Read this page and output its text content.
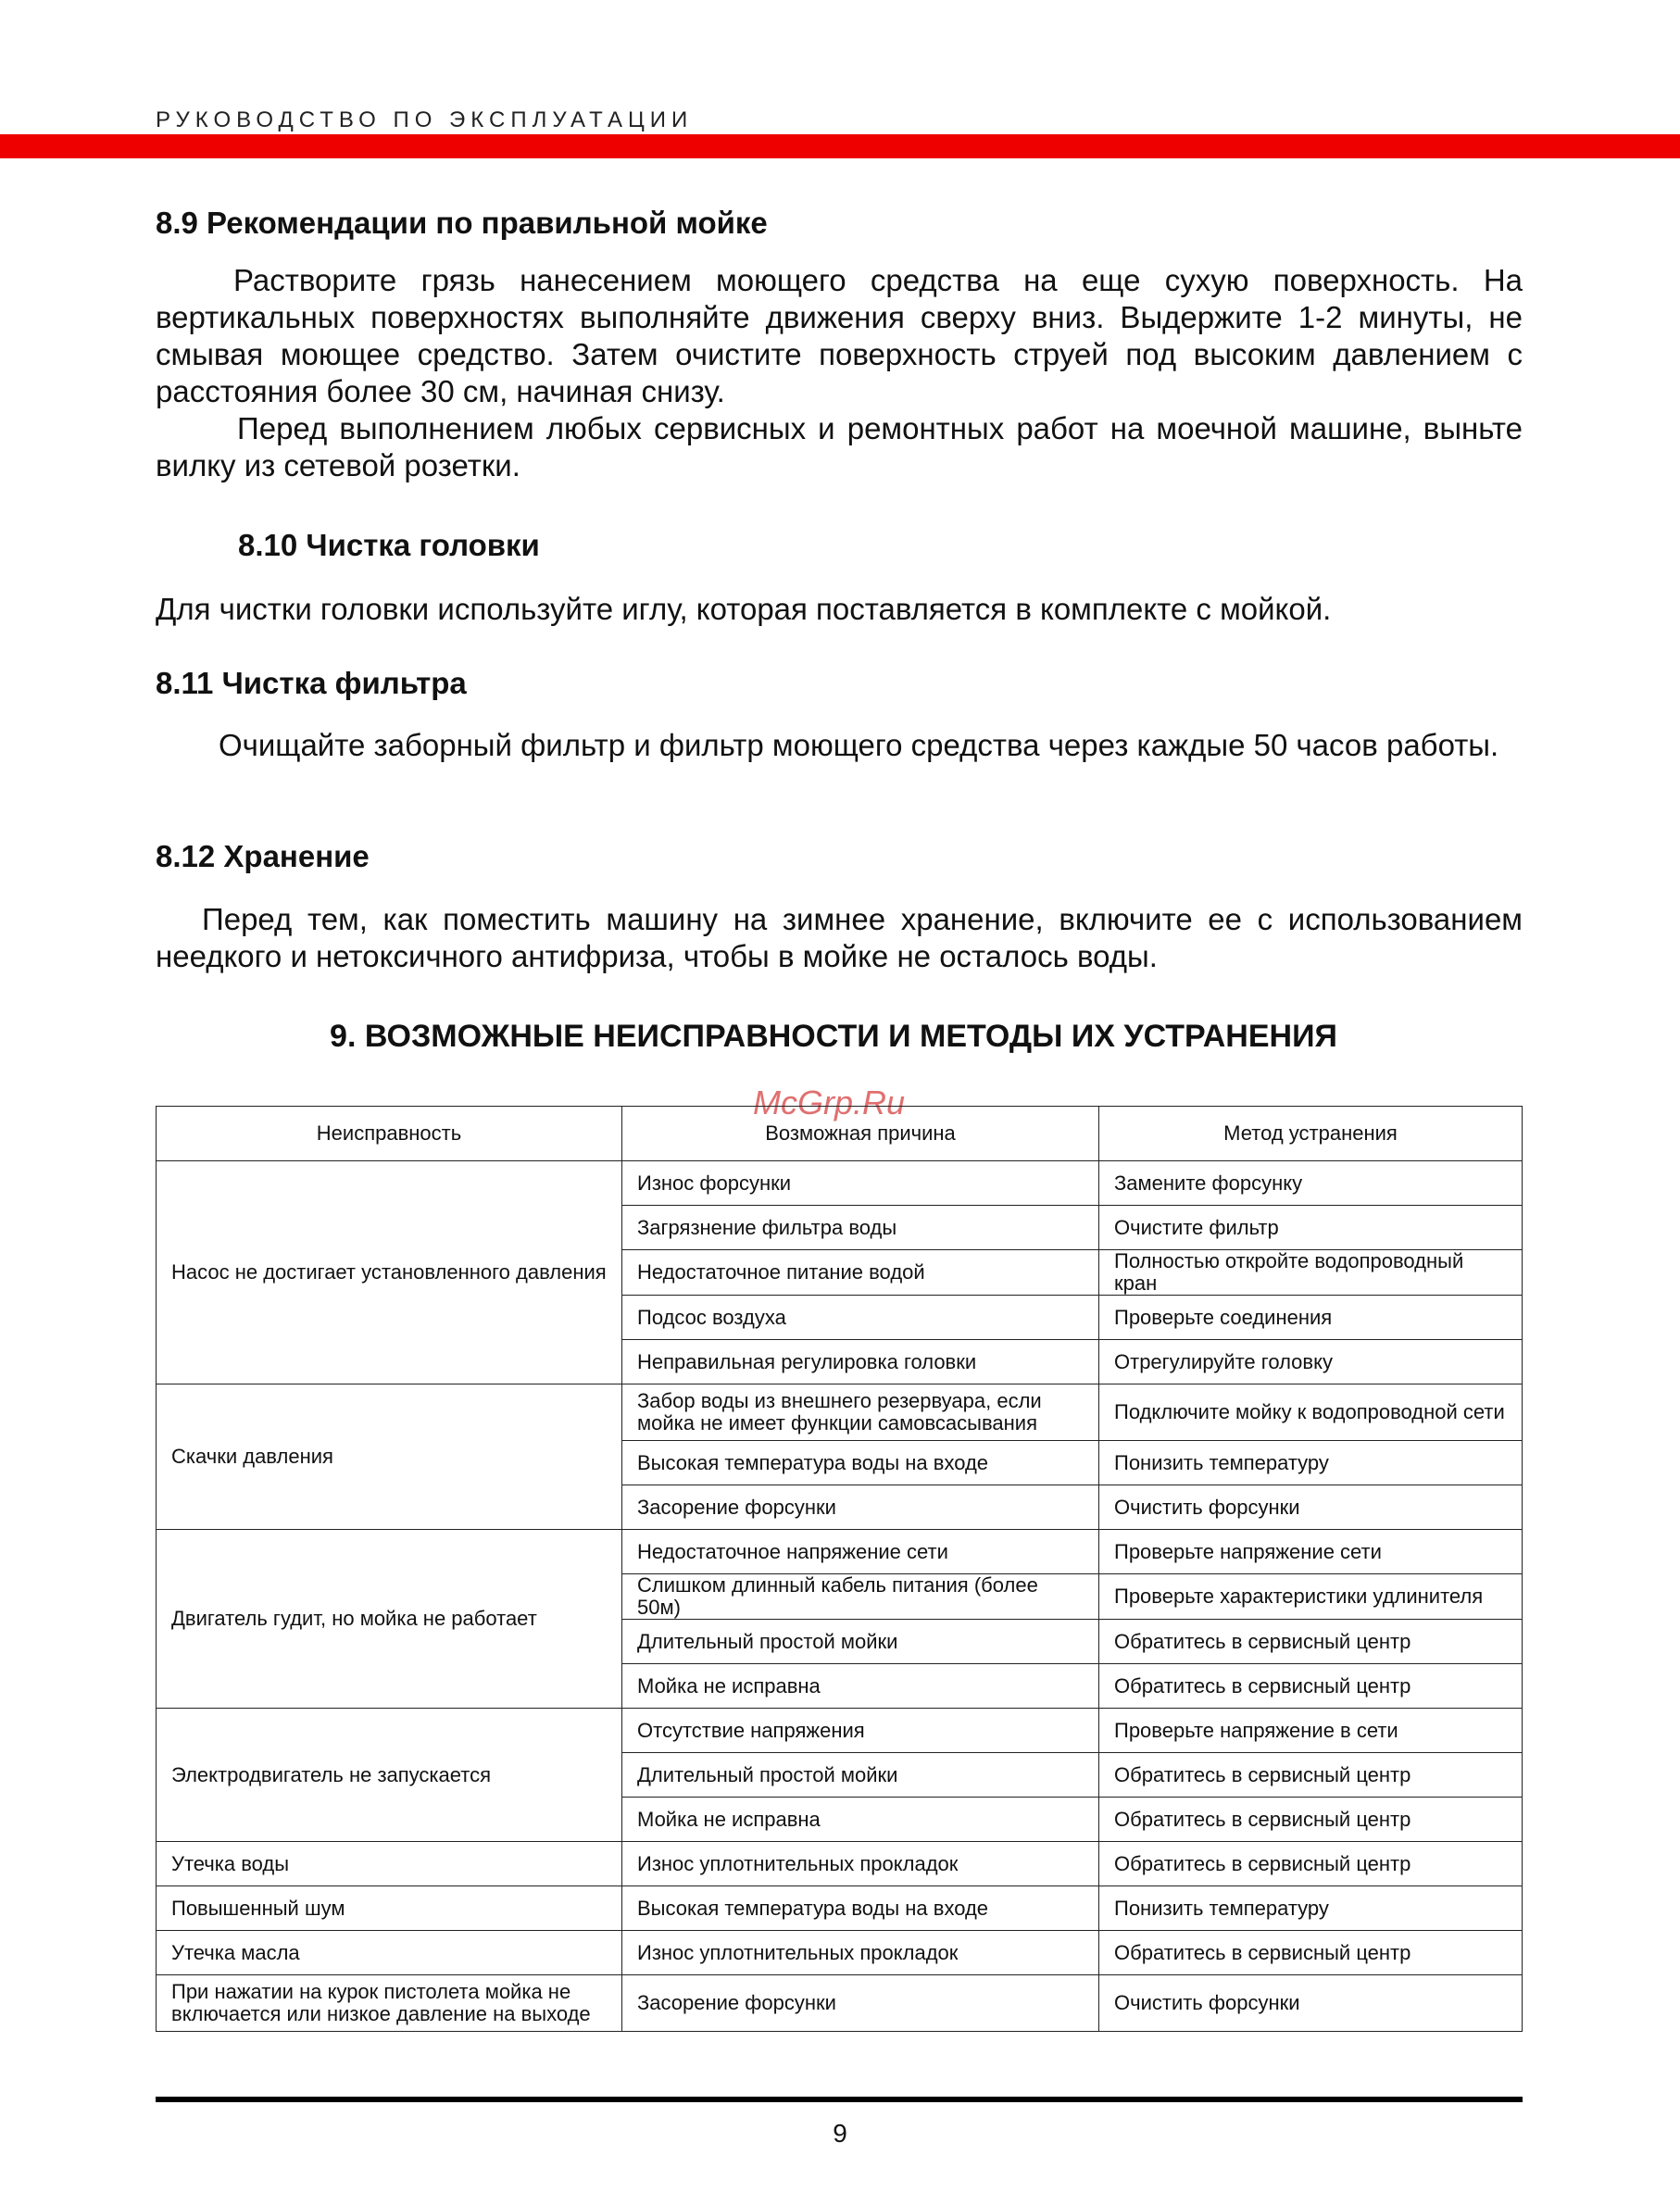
РУКОВОДСТВО ПО ЭКСПЛУАТАЦИИ
8.9 Рекомендации по правильной мойке
Растворите грязь нанесением моющего средства на еще сухую поверхность. На вертикальных поверхностях выполняйте движения сверху вниз. Выдержите 1-2 минуты, не смывая моющее средство. Затем очистите поверхность струей под высоким давлением с расстояния более 30 см, начиная снизу.
Перед выполнением любых сервисных и ремонтных работ на моечной машине, выньте вилку из сетевой розетки.
8.10 Чистка головки
Для чистки головки используйте иглу, которая поставляется в комплекте с мойкой.
8.11 Чистка фильтра
Очищайте заборный фильтр и фильтр моющего средства через каждые 50 часов работы.
8.12 Хранение
Перед тем, как поместить машину на зимнее хранение, включите ее с использованием неедкого и нетоксичного антифриза, чтобы в мойке не осталось воды.
9. ВОЗМОЖНЫЕ НЕИСПРАВНОСТИ И МЕТОДЫ ИХ УСТРАНЕНИЯ
McGrp.Ru
Неисправность	Возможная причина	Метод устранения
Насос не достигает установленного давления	Износ форсунки	Замените форсунку
	Загрязнение фильтра воды	Очистите фильтр
	Недостаточное питание водой	Полностью откройте водопроводный кран
	Подсос воздуха	Проверьте соединения
	Неправильная регулировка головки	Отрегулируйте головку
Скачки давления	Забор воды из внешнего резервуара, если мойка не имеет функции самовсасывания	Подключите мойку к водопроводной сети
	Высокая температура воды на входе	Понизить температуру
	Засорение форсунки	Очистить форсунки
Двигатель гудит, но мойка не работает	Недостаточное напряжение сети	Проверьте напряжение сети
	Слишком длинный кабель питания (более 50м)	Проверьте характеристики удлинителя
	Длительный простой мойки	Обратитесь в сервисный центр
	Мойка не исправна	Обратитесь в сервисный центр
Электродвигатель не запускается	Отсутствие напряжения	Проверьте напряжение в сети
	Длительный простой мойки	Обратитесь в сервисный центр
	Мойка не исправна	Обратитесь в сервисный центр
Утечка воды	Износ уплотнительных прокладок	Обратитесь в сервисный центр
Повышенный шум	Высокая температура воды на входе	Понизить температуру
Утечка масла	Износ уплотнительных прокладок	Обратитесь в сервисный центр
При нажатии на курок пистолета мойка не включается или низкое давление на выходе	Засорение форсунки	Очистить форсунки
9
